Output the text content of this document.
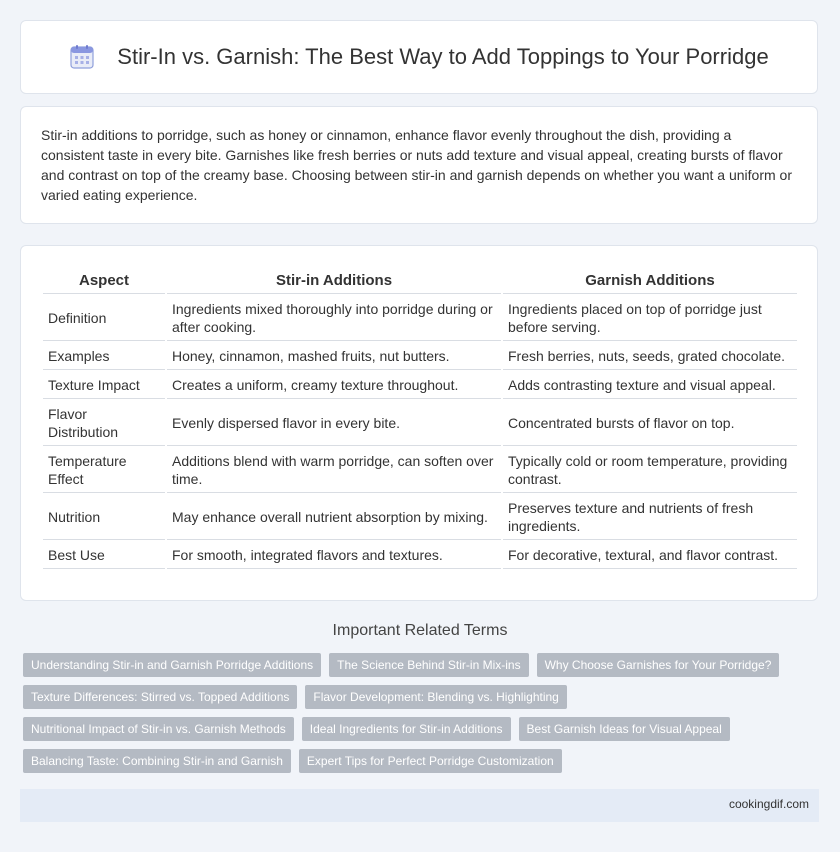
Stir-In vs. Garnish: The Best Way to Add Toppings to Your Porridge

Stir-in additions to porridge, such as honey or cinnamon, enhance flavor evenly throughout the dish, providing a consistent taste in every bite. Garnishes like fresh berries or nuts add texture and visual appeal, creating bursts of flavor and contrast on top of the creamy base. Choosing between stir-in and garnish depends on whether you want a uniform or varied eating experience.

Aspect	Stir-in Additions	Garnish Additions
Definition	Ingredients mixed thoroughly into porridge during or after cooking.	Ingredients placed on top of porridge just before serving.
Examples	Honey, cinnamon, mashed fruits, nut butters.	Fresh berries, nuts, seeds, grated chocolate.
Texture Impact	Creates a uniform, creamy texture throughout.	Adds contrasting texture and visual appeal.
Flavor Distribution	Evenly dispersed flavor in every bite.	Concentrated bursts of flavor on top.
Temperature Effect	Additions blend with warm porridge, can soften over time.	Typically cold or room temperature, providing contrast.
Nutrition	May enhance overall nutrient absorption by mixing.	Preserves texture and nutrients of fresh ingredients.
Best Use	For smooth, integrated flavors and textures.	For decorative, textural, and flavor contrast.
Important Related Terms
Understanding Stir-in and Garnish Porridge Additions	The Science Behind Stir-in Mix-ins	Why Choose Garnishes for Your Porridge?
Texture Differences: Stirred vs. Topped Additions	Flavor Development: Blending vs. Highlighting
Nutritional Impact of Stir-in vs. Garnish Methods	Ideal Ingredients for Stir-in Additions	Best Garnish Ideas for Visual Appeal
Balancing Taste: Combining Stir-in and Garnish	Expert Tips for Perfect Porridge Customization
cookingdif.com
